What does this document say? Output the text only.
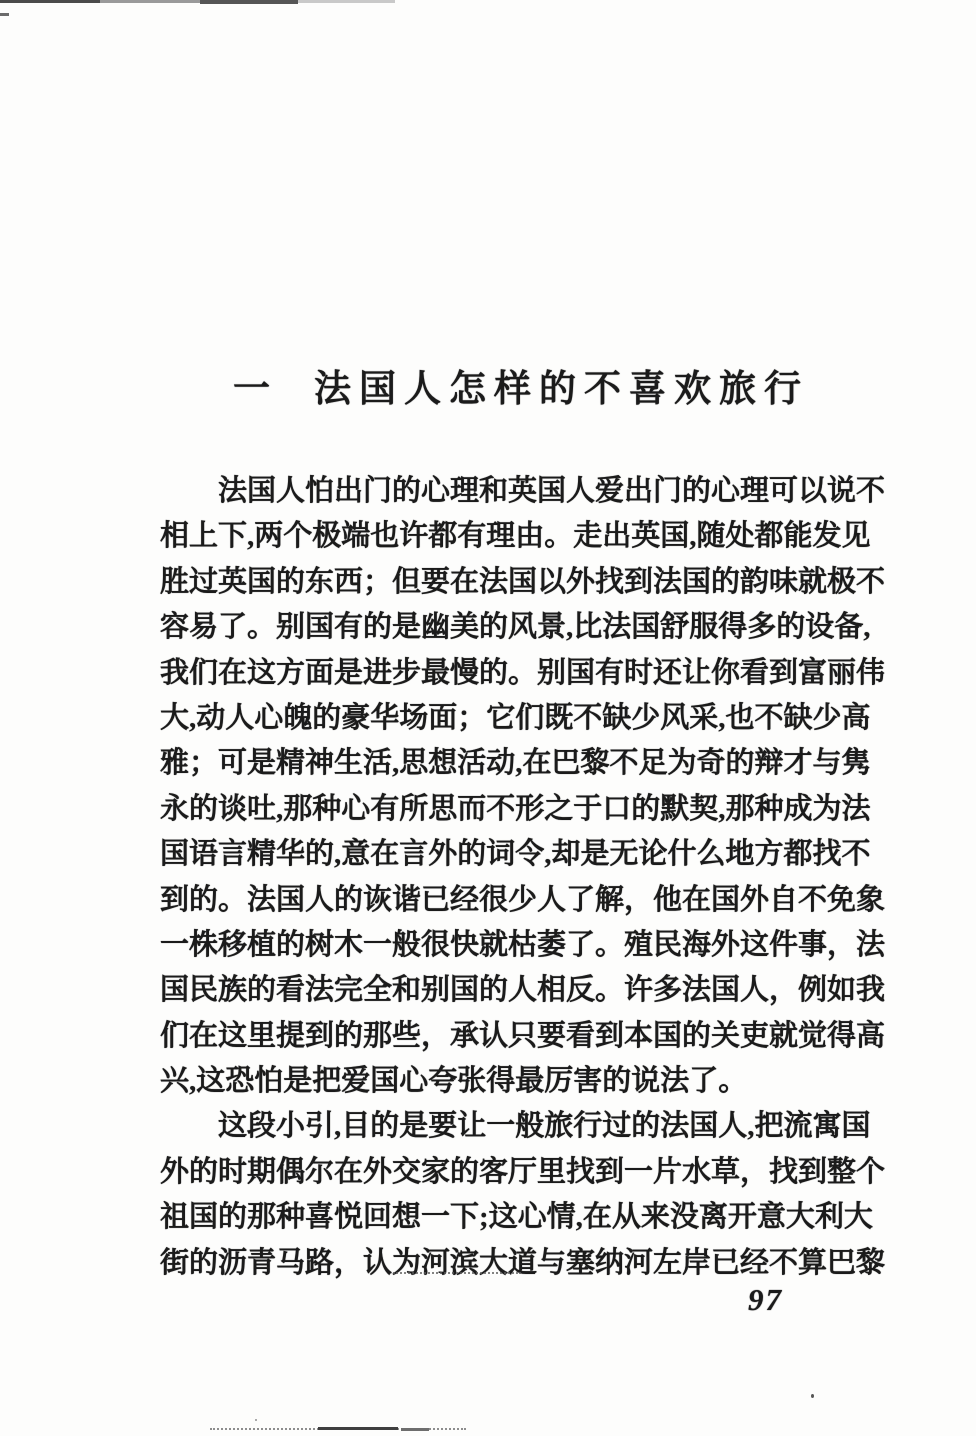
一 法国人怎样的不喜欢旅行
法国人怕出门的心理和英国人爱出门的心理可以说不
相上下,两个极端也许都有理由。走出英国,随处都能发见
胜过英国的东西；但要在法国以外找到法国的韵味就极不
容易了。别国有的是幽美的风景,比法国舒服得多的设备,
我们在这方面是进步最慢的。别国有时还让你看到富丽伟
大,动人心魄的豪华场面；它们既不缺少风采,也不缺少高
雅；可是精神生活,思想活动,在巴黎不足为奇的辩才与隽
永的谈吐,那种心有所思而不形之于口的默契,那种成为法
国语言精华的,意在言外的词令,却是无论什么地方都找不
到的。法国人的诙谐已经很少人了解，他在国外自不免象
一株移植的树木一般很快就枯萎了。殖民海外这件事，法
国民族的看法完全和别国的人相反。许多法国人，例如我
们在这里提到的那些，承认只要看到本国的关吏就觉得高
兴,这恐怕是把爱国心夸张得最厉害的说法了。
这段小引,目的是要让一般旅行过的法国人,把流寓国
外的时期偶尔在外交家的客厅里找到一片水草，找到整个
祖国的那种喜悦回想一下;这心情,在从来没离开意大利大
街的沥青马路，认为河滨大道与塞纳河左岸已经不算巴黎
97
